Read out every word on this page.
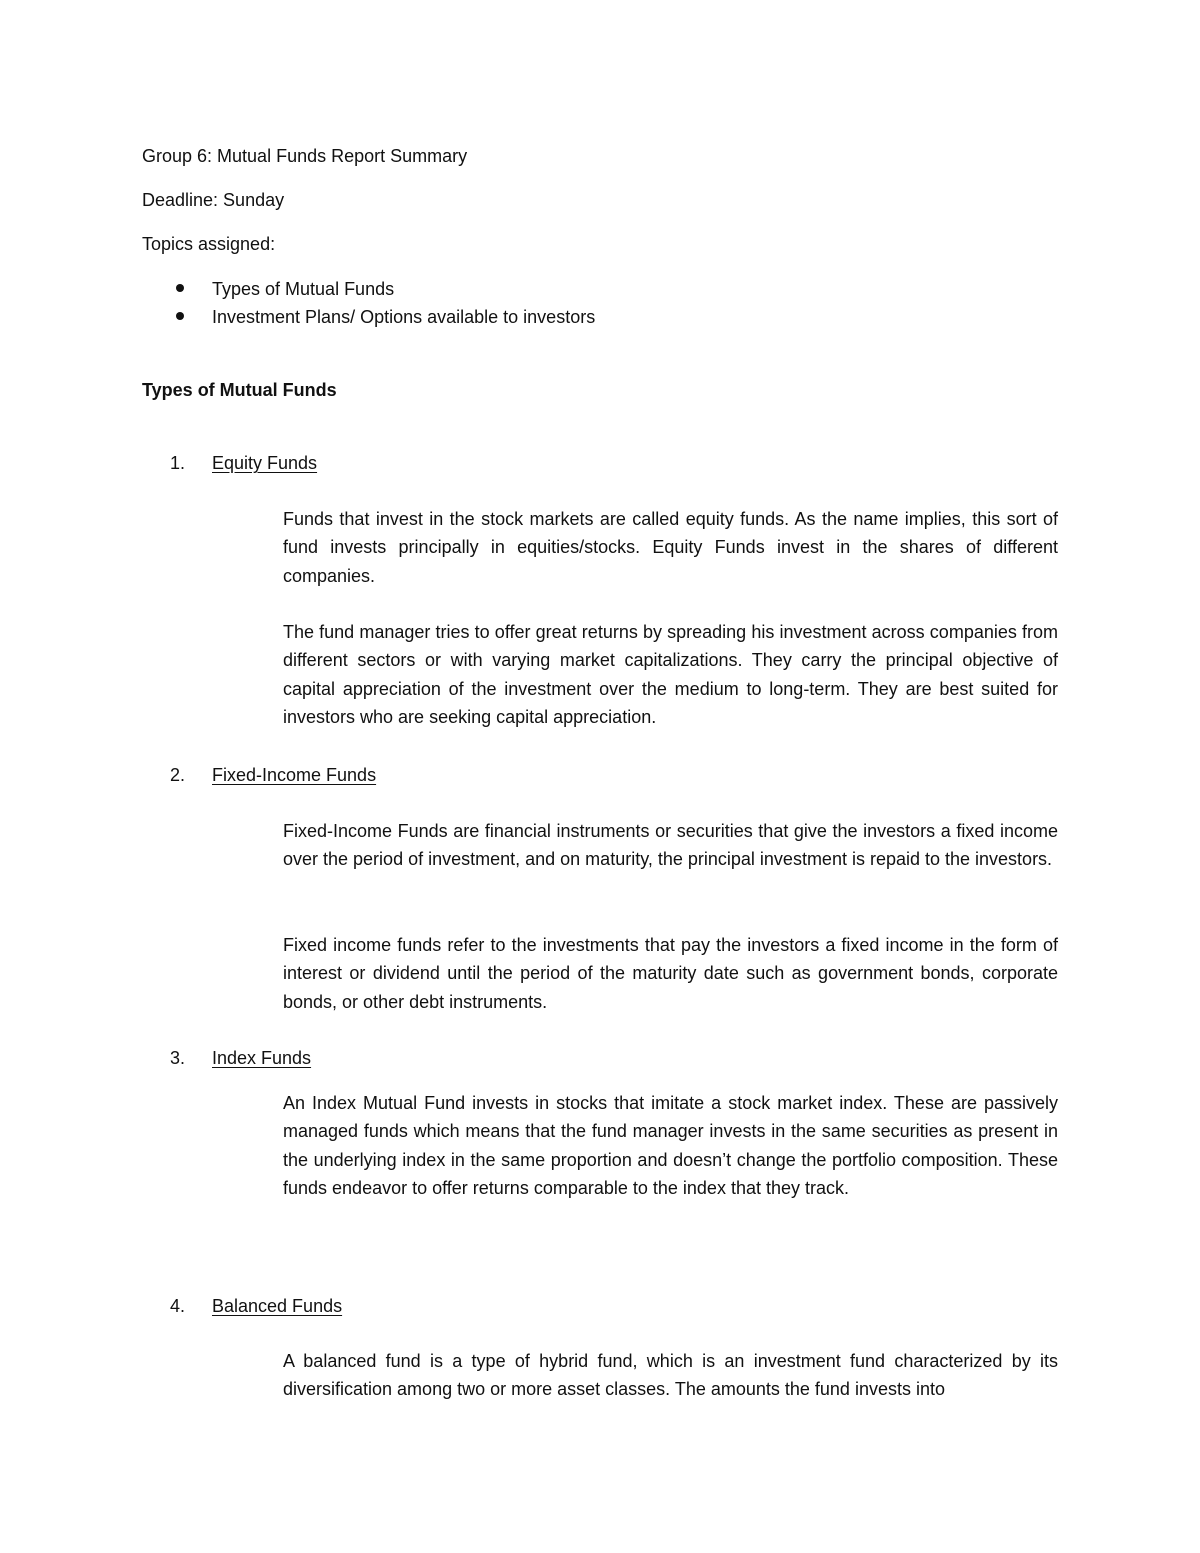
Group 6: Mutual Funds Report Summary
Deadline: Sunday
Topics assigned:
Types of Mutual Funds
Investment Plans/ Options available to investors
Types of Mutual Funds
1. Equity Funds

Funds that invest in the stock markets are called equity funds. As the name implies, this sort of fund invests principally in equities/stocks. Equity Funds invest in the shares of different companies.

The fund manager tries to offer great returns by spreading his investment across companies from different sectors or with varying market capitalizations. They carry the principal objective of capital appreciation of the investment over the medium to long-term. They are best suited for investors who are seeking capital appreciation.

2. Fixed-Income Funds

Fixed-Income Funds are financial instruments or securities that give the investors a fixed income over the period of investment, and on maturity, the principal investment is repaid to the investors.

Fixed income funds refer to the investments that pay the investors a fixed income in the form of interest or dividend until the period of the maturity date such as government bonds, corporate bonds, or other debt instruments.

3. Index Funds

An Index Mutual Fund invests in stocks that imitate a stock market index. These are passively managed funds which means that the fund manager invests in the same securities as present in the underlying index in the same proportion and doesn’t change the portfolio composition. These funds endeavor to offer returns comparable to the index that they track.

4. Balanced Funds

A balanced fund is a type of hybrid fund, which is an investment fund characterized by its diversification among two or more asset classes. The amounts the fund invests into
